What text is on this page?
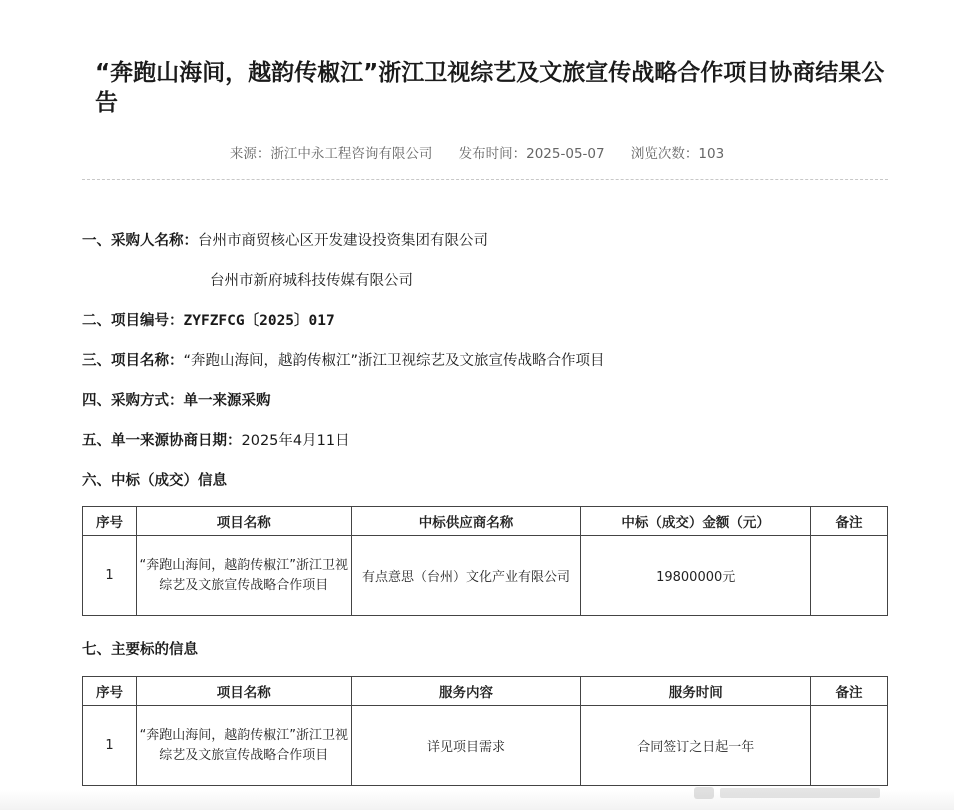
“奔跑山海间，越韵传椒江”浙江卫视综艺及文旅宣传战略合作项目协商结果公告
来源：浙江中永工程咨询有限公司 发布时间：2025-05-07 浏览次数：103
一、采购人名称：台州市商贸核心区开发建设投资集团有限公司
台州市新府城科技传媒有限公司
二、项目编号：ZYFZFCG〔2025〕017
三、项目名称：“奔跑山海间，越韵传椒江”浙江卫视综艺及文旅宣传战略合作项目
四、采购方式：单一来源采购
五、单一来源协商日期：2025年4月11日
六、中标（成交）信息
序号	项目名称	中标供应商名称	中标（成交）金额（元）	备注
1	“奔跑山海间，越韵传椒江”浙江卫视综艺及文旅宣传战略合作项目	有点意思（台州）文化产业有限公司	19800000元	
七、主要标的信息
序号	项目名称	服务内容	服务时间	备注
1	“奔跑山海间，越韵传椒江”浙江卫视综艺及文旅宣传战略合作项目	详见项目需求	合同签订之日起一年	
